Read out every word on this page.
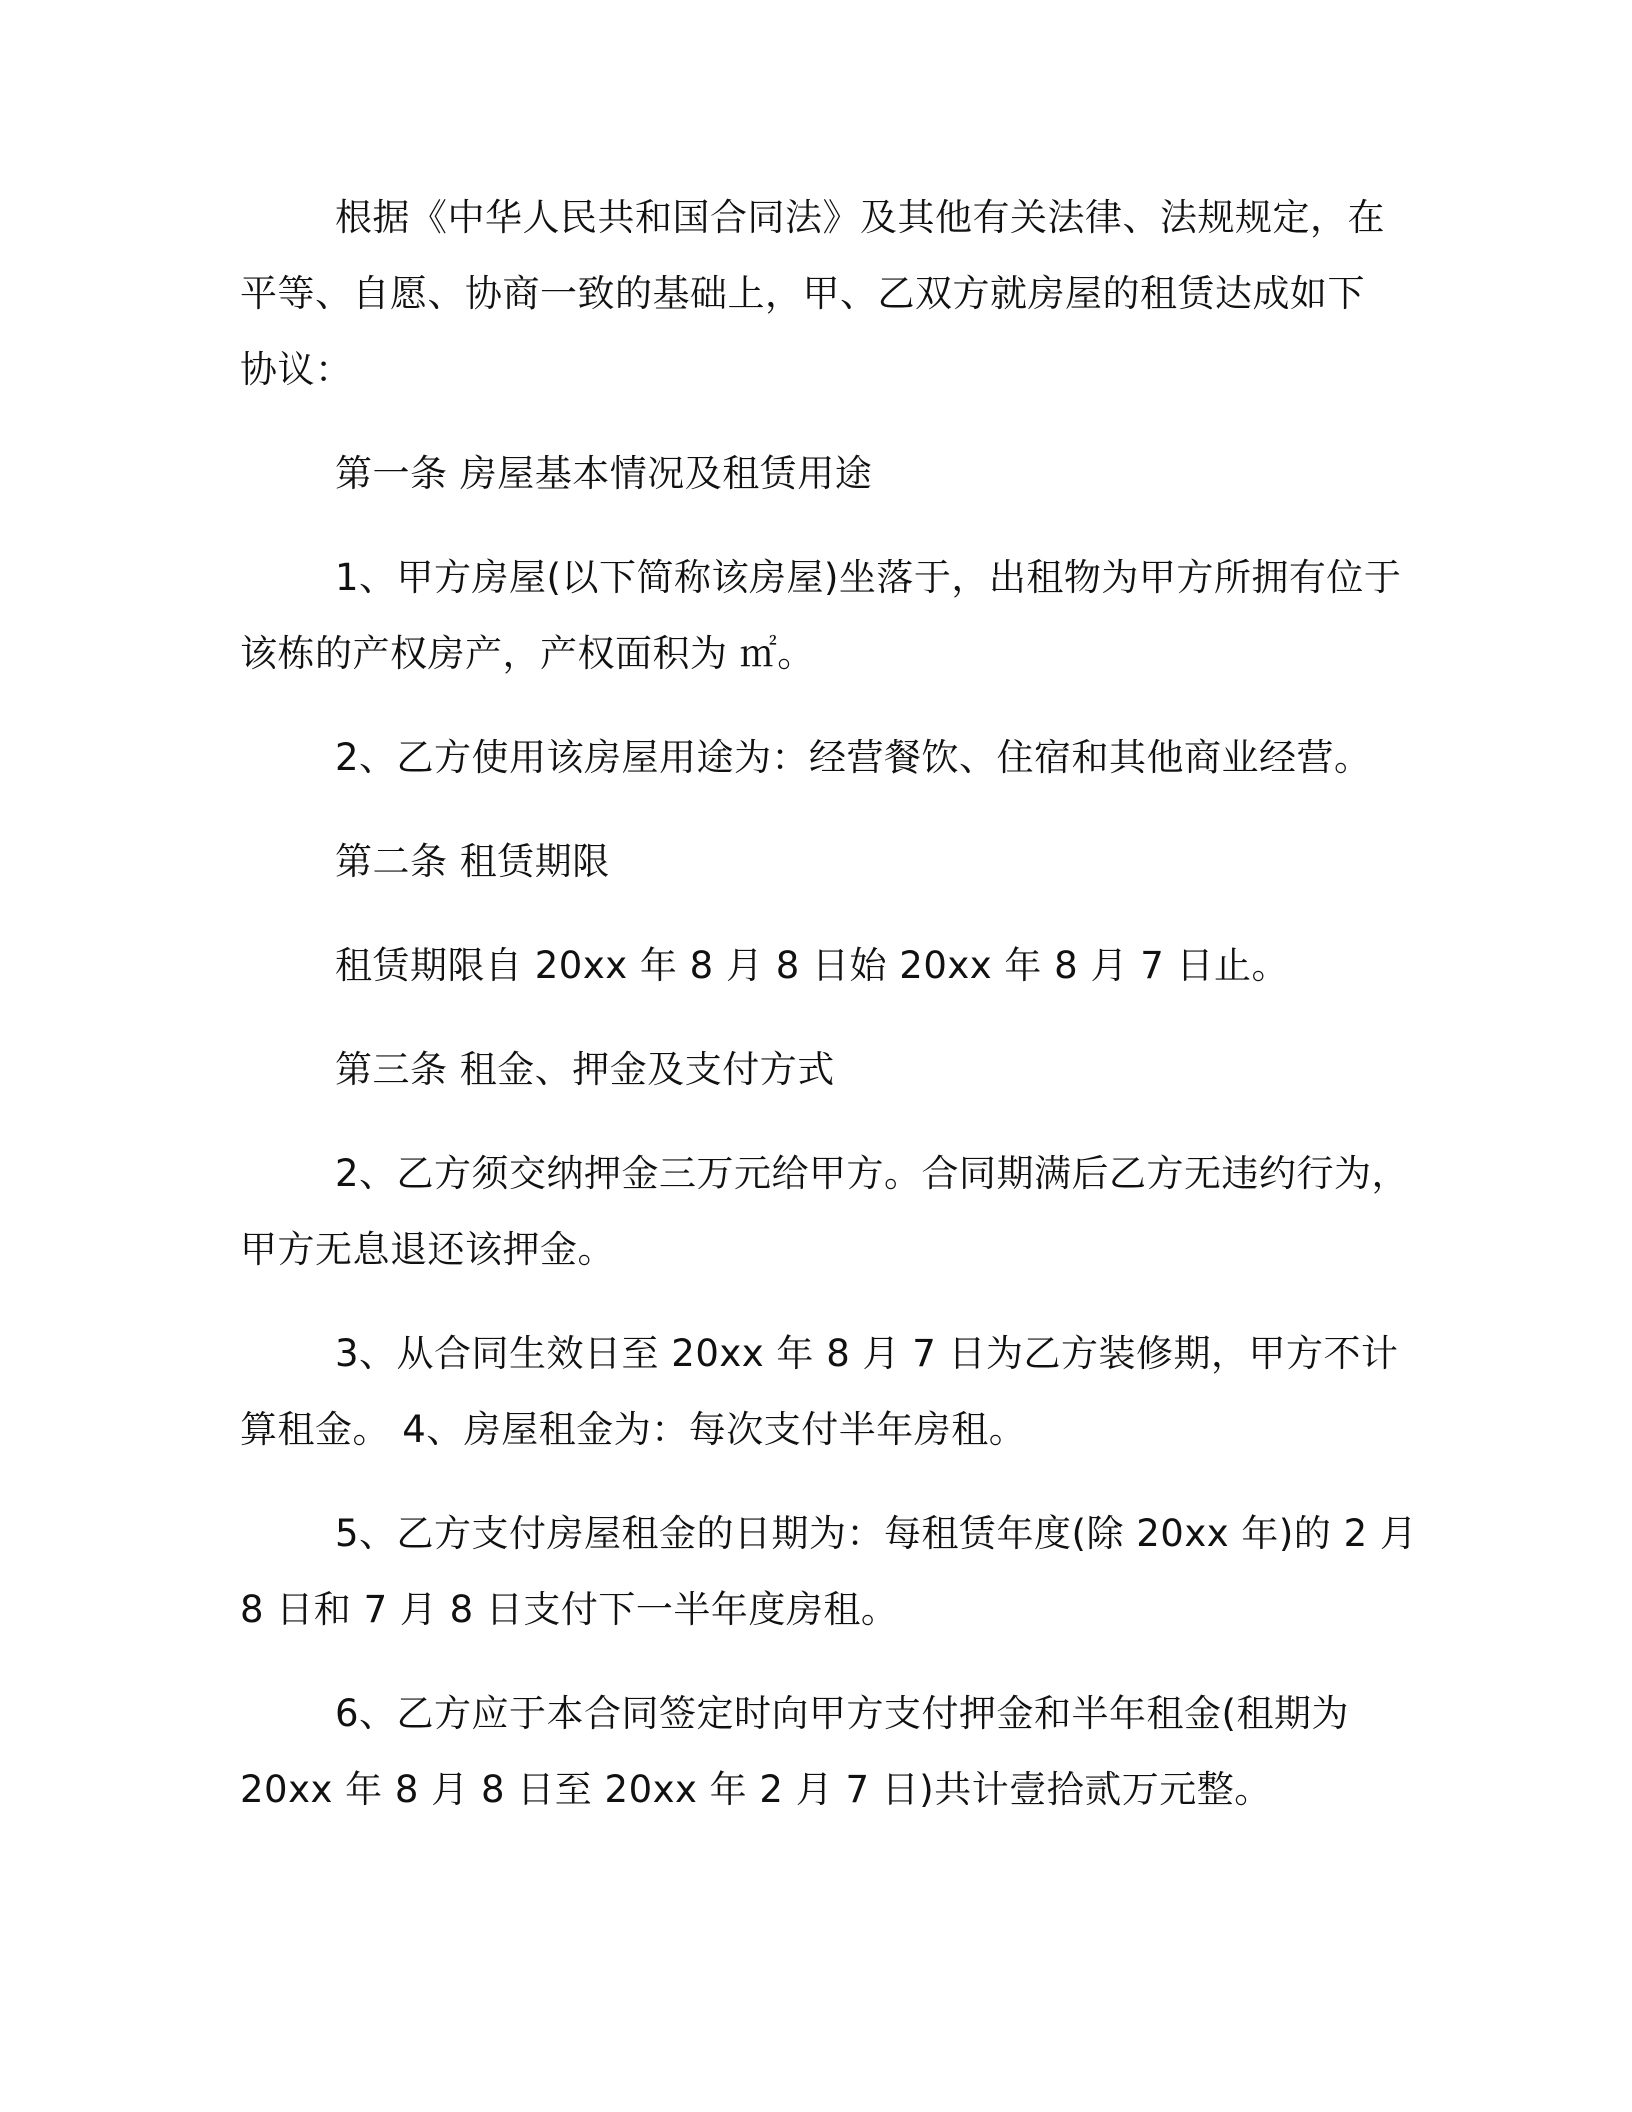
根据《中华人民共和国合同法》及其他有关法律、法规规定，在
平等、自愿、协商一致的基础上，甲、乙双方就房屋的租赁达成如下
协议：
第一条 房屋基本情况及租赁用途
1、甲方房屋(以下简称该房屋)坐落于，出租物为甲方所拥有位于
该栋的产权房产，产权面积为 ㎡。
2、乙方使用该房屋用途为：经营餐饮、住宿和其他商业经营。
第二条 租赁期限
租赁期限自 20xx 年 8 月 8 日始 20xx 年 8 月 7 日止。
第三条 租金、押金及支付方式
2、乙方须交纳押金三万元给甲方。合同期满后乙方无违约行为，
甲方无息退还该押金。
3、从合同生效日至 20xx 年 8 月 7 日为乙方装修期，甲方不计
算租金。 4、房屋租金为：每次支付半年房租。
5、乙方支付房屋租金的日期为：每租赁年度(除 20xx 年)的 2 月
8 日和 7 月 8 日支付下一半年度房租。
6、乙方应于本合同签定时向甲方支付押金和半年租金(租期为
20xx 年 8 月 8 日至 20xx 年 2 月 7 日)共计壹拾贰万元整。
